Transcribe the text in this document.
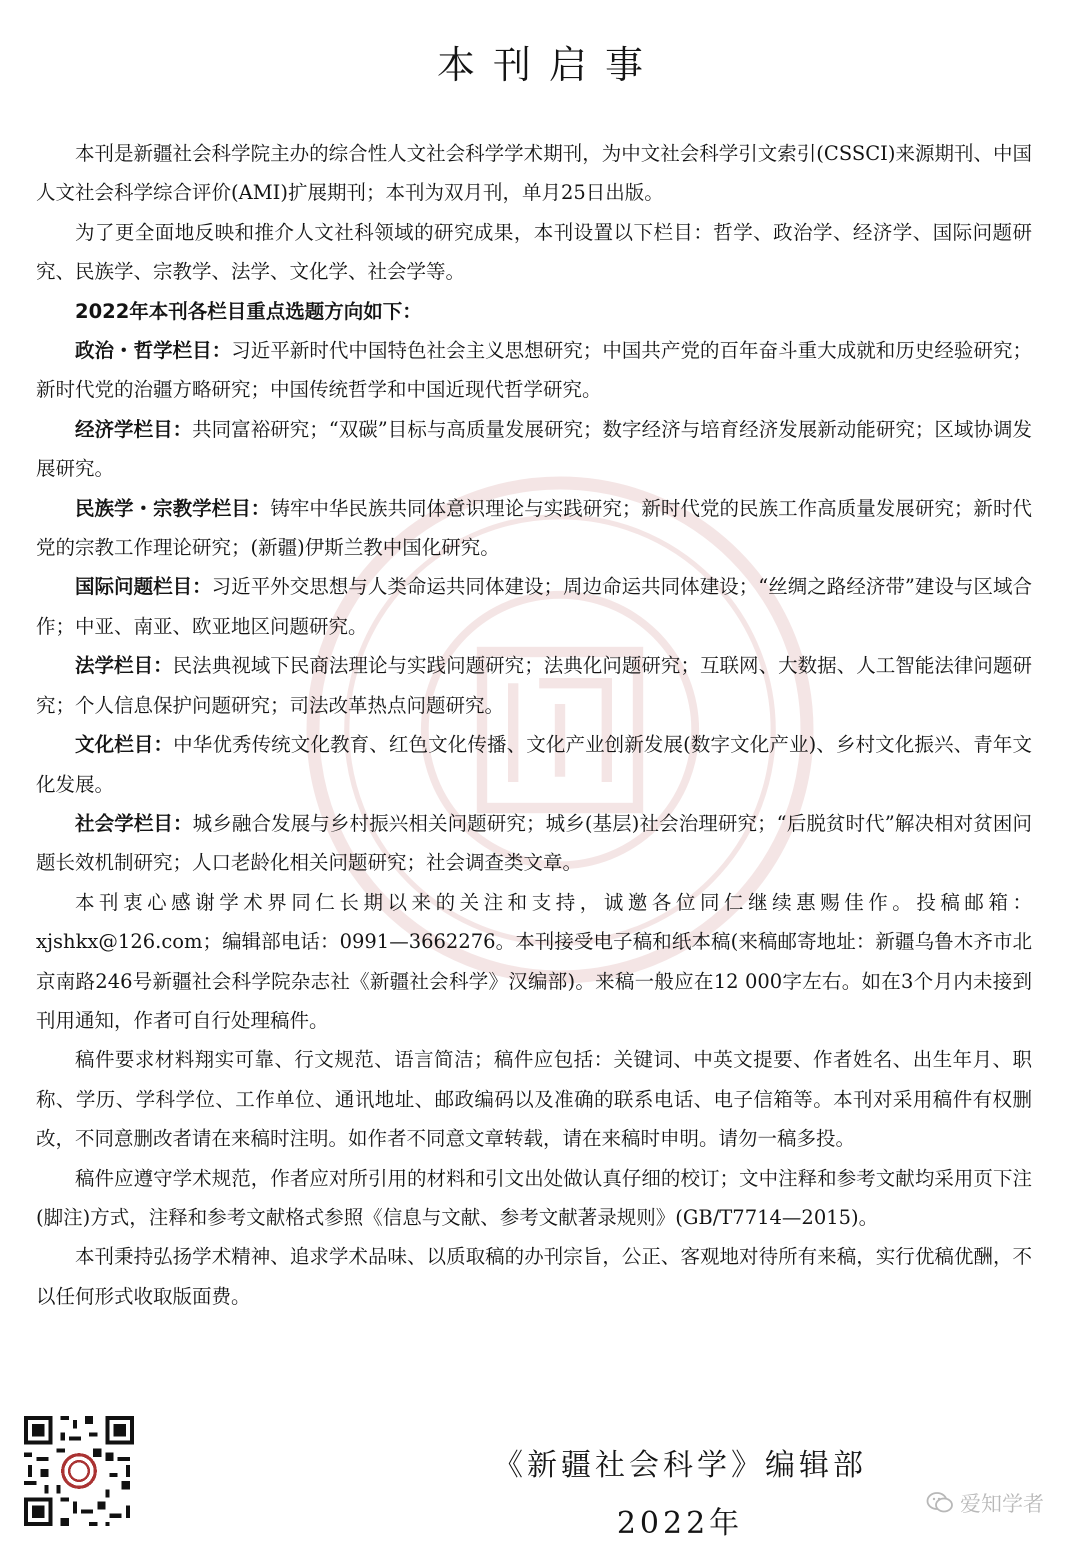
本刊启事

本刊是新疆社会科学院主办的综合性人文社会科学学术期刊，为中文社会科学引文索引(CSSCI)来源期刊、中国人文社会科学综合评价(AMI)扩展期刊；本刊为双月刊，单月25日出版。

为了更全面地反映和推介人文社科领域的研究成果，本刊设置以下栏目：哲学、政治学、经济学、国际问题研究、民族学、宗教学、法学、文化学、社会学等。

2022年本刊各栏目重点选题方向如下：

政治・哲学栏目：习近平新时代中国特色社会主义思想研究；中国共产党的百年奋斗重大成就和历史经验研究；新时代党的治疆方略研究；中国传统哲学和中国近现代哲学研究。

经济学栏目：共同富裕研究；“双碳”目标与高质量发展研究；数字经济与培育经济发展新动能研究；区域协调发展研究。

民族学・宗教学栏目：铸牢中华民族共同体意识理论与实践研究；新时代党的民族工作高质量发展研究；新时代党的宗教工作理论研究；(新疆)伊斯兰教中国化研究。

国际问题栏目：习近平外交思想与人类命运共同体建设；周边命运共同体建设；“丝绸之路经济带”建设与区域合作；中亚、南亚、欧亚地区问题研究。

法学栏目：民法典视域下民商法理论与实践问题研究；法典化问题研究；互联网、大数据、人工智能法律问题研究；个人信息保护问题研究；司法改革热点问题研究。

文化栏目：中华优秀传统文化教育、红色文化传播、文化产业创新发展(数字文化产业)、乡村文化振兴、青年文化发展。

社会学栏目：城乡融合发展与乡村振兴相关问题研究；城乡(基层)社会治理研究；“后脱贫时代”解决相对贫困问题长效机制研究；人口老龄化相关问题研究；社会调查类文章。

本刊衷心感谢学术界同仁长期以来的关注和支持，诚邀各位同仁继续惠赐佳作。投稿邮箱：xjshkx@126.com；编辑部电话：0991—3662276。本刊接受电子稿和纸本稿(来稿邮寄地址：新疆乌鲁木齐市北京南路246号新疆社会科学院杂志社《新疆社会科学》汉编部)。来稿一般应在12 000字左右。如在3个月内未接到刊用通知，作者可自行处理稿件。

稿件要求材料翔实可靠、行文规范、语言简洁；稿件应包括：关键词、中英文提要、作者姓名、出生年月、职称、学历、学科学位、工作单位、通讯地址、邮政编码以及准确的联系电话、电子信箱等。本刊对采用稿件有权删改，不同意删改者请在来稿时注明。如作者不同意文章转载，请在来稿时申明。请勿一稿多投。

稿件应遵守学术规范，作者应对所引用的材料和引文出处做认真仔细的校订；文中注释和参考文献均采用页下注(脚注)方式，注释和参考文献格式参照《信息与文献、参考文献著录规则》(GB/T7714—2015)。

本刊秉持弘扬学术精神、追求学术品味、以质取稿的办刊宗旨，公正、客观地对待所有来稿，实行优稿优酬，不以任何形式收取版面费。

《新疆社会科学》编辑部
2022年
爱知学者
